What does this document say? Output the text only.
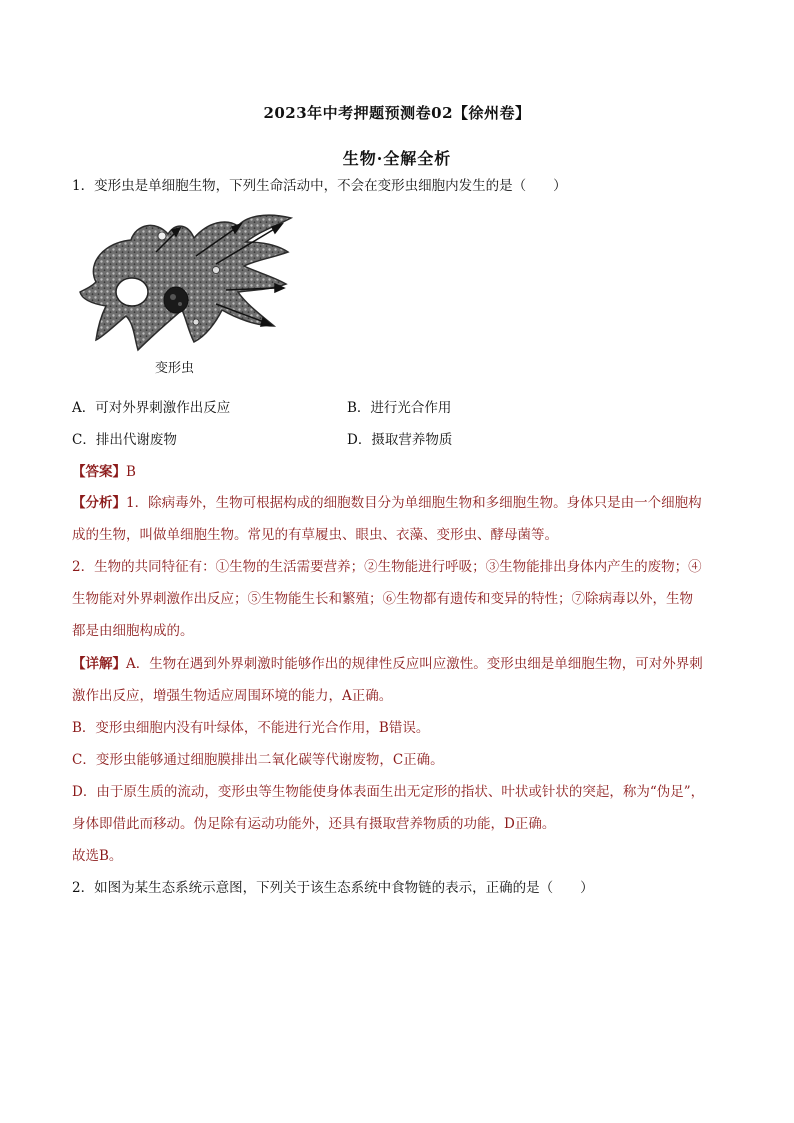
2023年中考押题预测卷02【徐州卷】
生物·全解全析
1．变形虫是单细胞生物，下列生命活动中，不会在变形虫细胞内发生的是（　　）
变形虫
A．可对外界刺激作出反应	B．进行光合作用
C．排出代谢废物	D．摄取营养物质
【答案】B
【分析】1．除病毒外，生物可根据构成的细胞数目分为单细胞生物和多细胞生物。身体只是由一个细胞构
成的生物，叫做单细胞生物。常见的有草履虫、眼虫、衣藻、变形虫、酵母菌等。
2．生物的共同特征有：①生物的生活需要营养；②生物能进行呼吸；③生物能排出身体内产生的废物；④
生物能对外界刺激作出反应；⑤生物能生长和繁殖；⑥生物都有遗传和变异的特性；⑦除病毒以外，生物
都是由细胞构成的。
【详解】A．生物在遇到外界刺激时能够作出的规律性反应叫应激性。变形虫细是单细胞生物，可对外界刺
激作出反应，增强生物适应周围环境的能力，A正确。
B．变形虫细胞内没有叶绿体，不能进行光合作用，B错误。
C．变形虫能够通过细胞膜排出二氧化碳等代谢废物，C正确。
D．由于原生质的流动，变形虫等生物能使身体表面生出无定形的指状、叶状或针状的突起，称为“伪足”，
身体即借此而移动。伪足除有运动功能外，还具有摄取营养物质的功能，D正确。
故选B。
2．如图为某生态系统示意图，下列关于该生态系统中食物链的表示，正确的是（　　）
